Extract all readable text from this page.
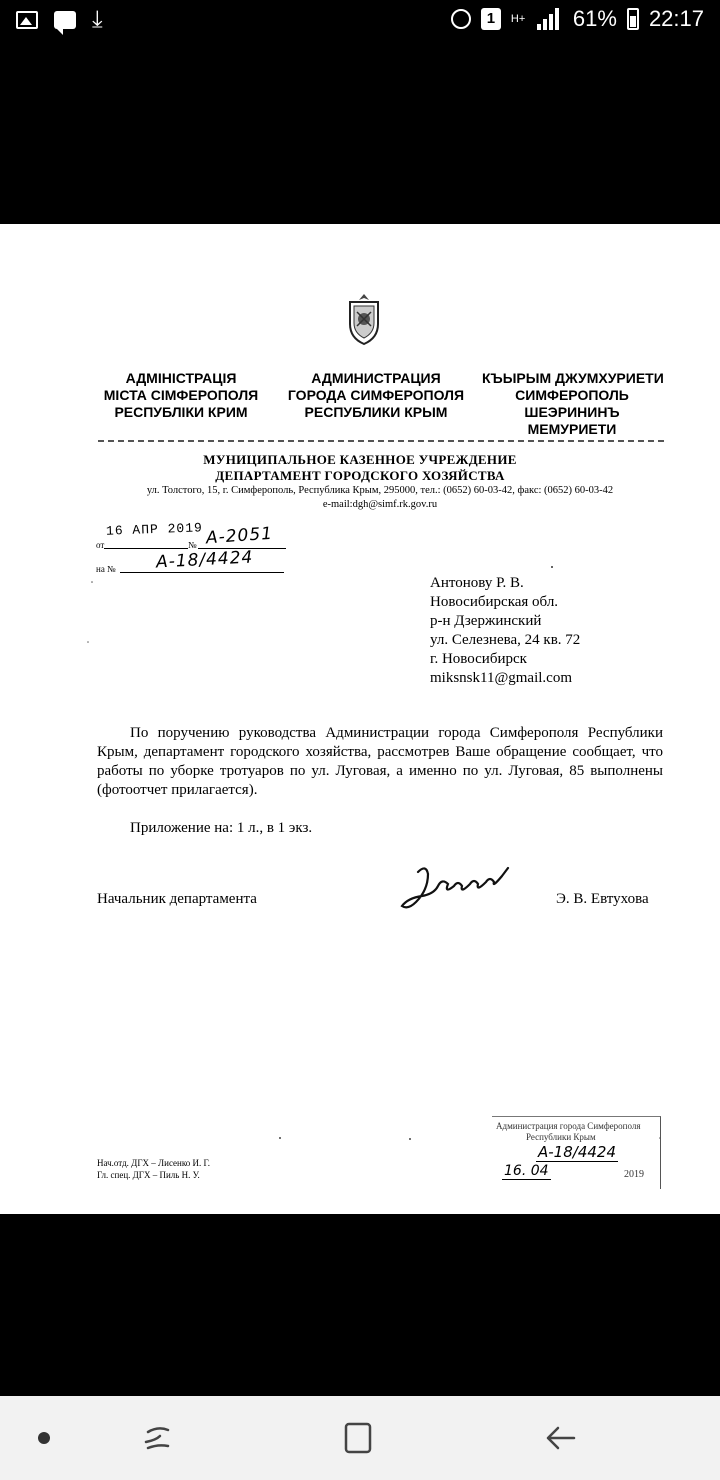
⤓	1	H+ 61% 22:17
АДМІНІСТРАЦІЯ
МІСТА СІМФЕРОПОЛЯ
РЕСПУБЛІКИ КРИМ
АДМИНИСТРАЦИЯ
ГОРОДА СИМФЕРОПОЛЯ
РЕСПУБЛИКИ КРЫМ
КЪЫРЫМ ДЖУМХУРИЕТИ
СИМФЕРОПОЛЬ
ШЕЭРИНИНЪ
МЕМУРИЕТИ
МУНИЦИПАЛЬНОЕ КАЗЕННОЕ УЧРЕЖДЕНИЕ
ДЕПАРТАМЕНТ ГОРОДСКОГО ХОЗЯЙСТВА
ул. Толстого, 15, г. Симферополь, Республика Крым, 295000, тел.: (0652) 60-03-42, факс: (0652) 60-03-42
e-mail:dgh@simf.rk.gov.ru
от
16 АПР 2019
№ А-2051
на № А-18/4424
Антонову Р. В.
Новосибирская обл.
р-н Дзержинский
ул. Селезнева, 24 кв. 72
г. Новосибирск
miksnsk11@gmail.com
По поручению руководства Администрации города Симферополя Республики Крым, департамент городского хозяйства, рассмотрев Ваше обращение сообщает, что работы по уборке тротуаров по ул. Луговая, а именно по ул. Луговая, 85 выполнены (фотоотчет прилагается).
Приложение на: 1 л., в 1 экз.
Начальник департамента	Э. В. Евтухова
Нач.отд. ДГХ – Лисенко И. Г.
Гл. спец. ДГХ – Пиль Н. У.
Администрация города Симферополя
Республики Крым
А-18/4424
16. 04	2019
